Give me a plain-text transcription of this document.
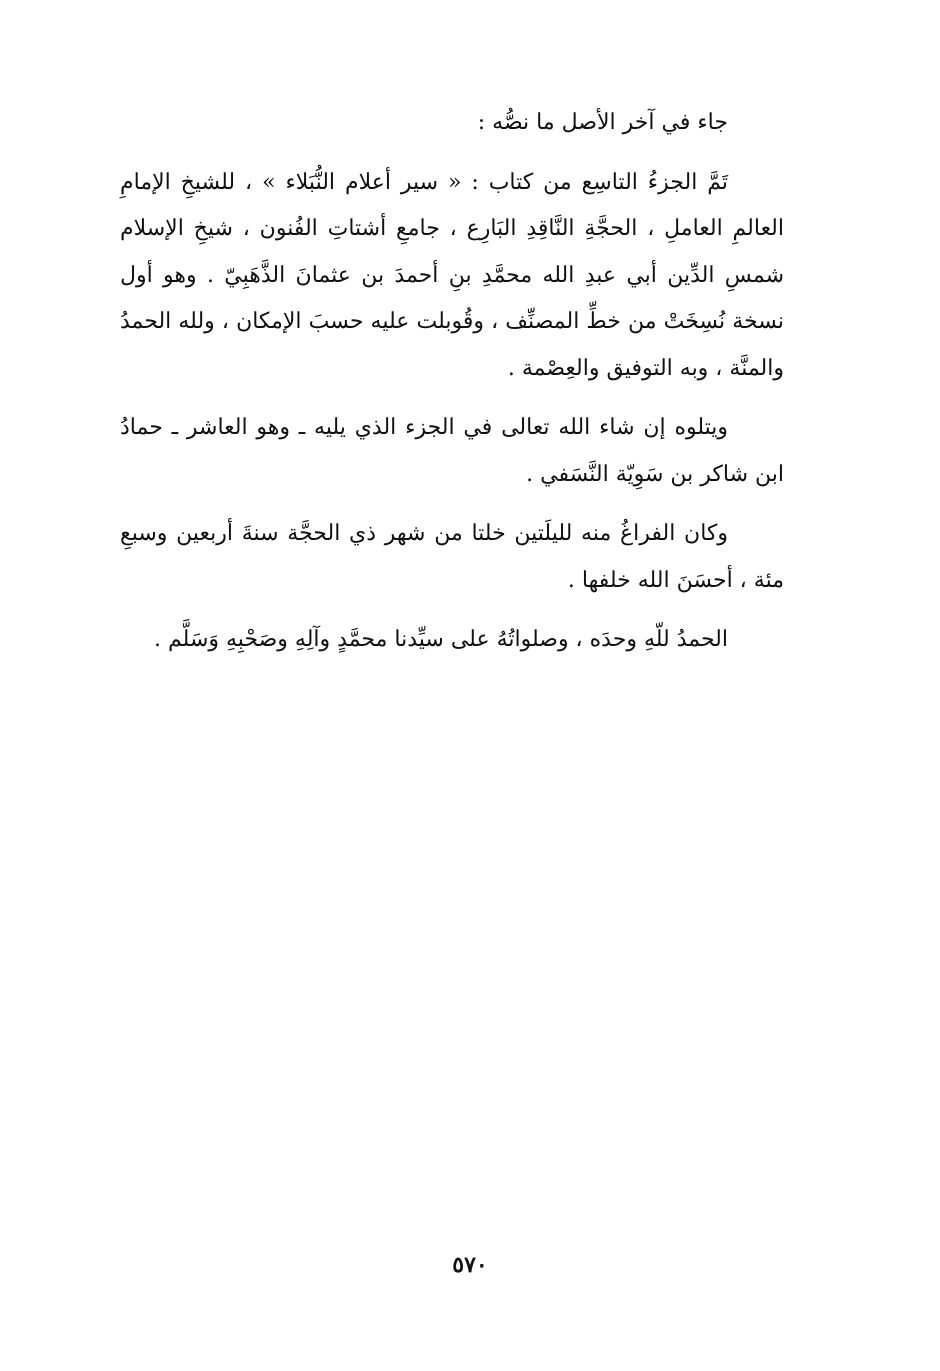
جاء في آخر الأصل ما نصُّه :

تَمَّ الجزءُ التاسِع من كتاب : « سير أعلام النُّبَلاء » ، للشيخِ الإمامِ العالمِ العاملِ ، الحجَّةِ النَّاقِدِ البَارِع ، جامعِ أشتاتِ الفُنون ، شيخِ الإسلام شمسِ الدِّين أبي عبدِ الله محمَّدِ بنِ أحمدَ بن عثمانَ الذَّهَبِيّ . وهو أول نسخة نُسِخَتْ من خطِّ المصنِّف ، وقُوبلت عليه حسبَ الإمكان ، ولله الحمدُ والمنَّة ، وبه التوفيق والعِصْمة .

ويتلوه إن شاء الله تعالى في الجزء الذي يليه ـ وهو العاشر ـ حمادُ ابن شاكر بن سَوِيّة النَّسَفي .

وكان الفراغُ منه لليلَتين خلتا من شهر ذي الحجَّة سنةَ أربعين وسبعِ مئة ، أحسَنَ الله خلفها .

الحمدُ للّهِ وحدَه ، وصلواتُهُ على سيِّدنا محمَّدٍ وآلِهِ وصَحْبِهِ وَسَلَّم .

٥٧٠
